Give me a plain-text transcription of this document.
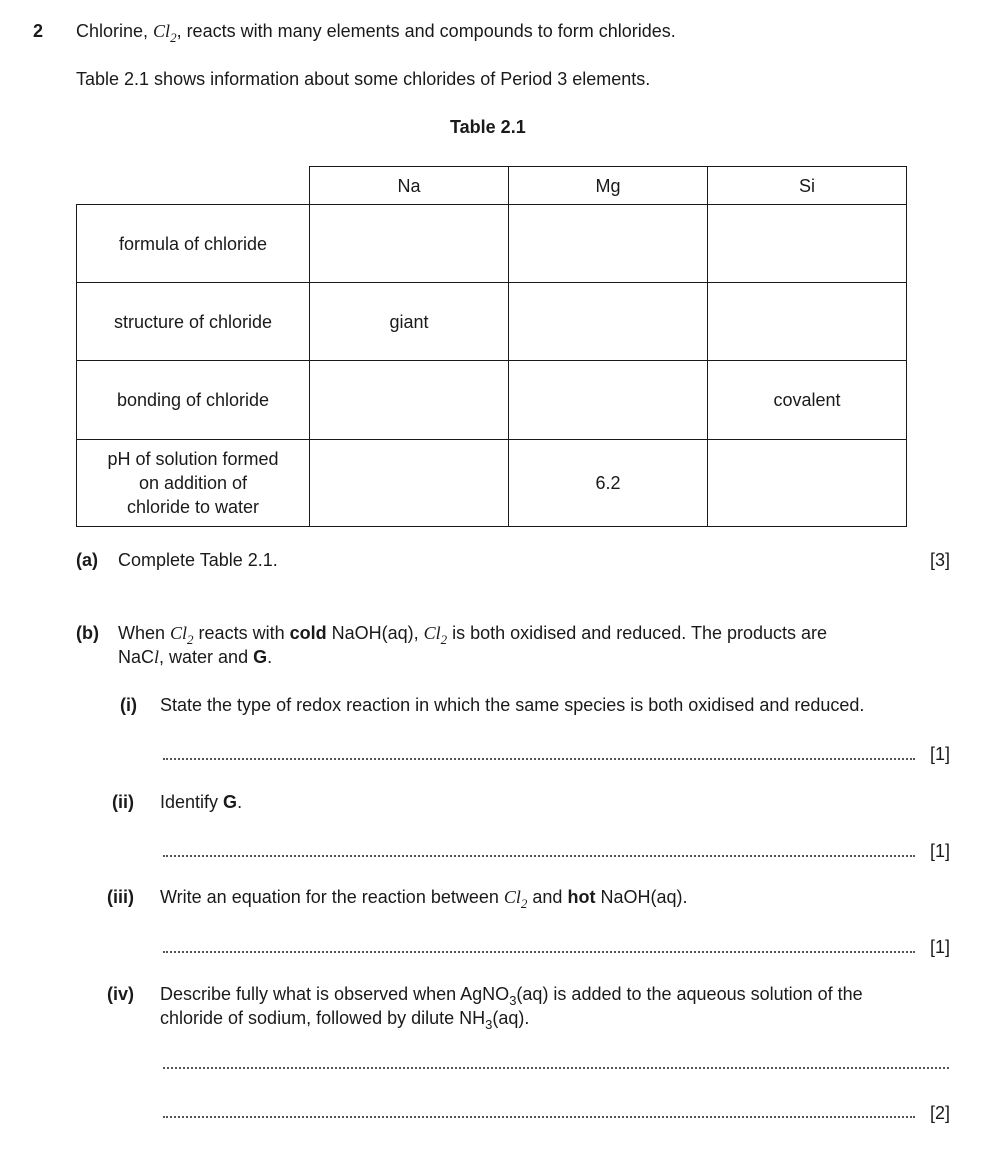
2 Chlorine, $Cl_2$, reacts with many elements and compounds to form chlorides.
Table 2.1 shows information about some chlorides of Period 3 elements.
Table 2.1
	Na	Mg	Si
formula of chloride			
structure of chloride	giant		
bonding of chloride			covalent

pH of solution formed
on addition of
chloride to water		6.2	
(a) Complete Table 2.1.	[3]
(b) When $Cl_2$ reacts with cold NaOH(aq), $Cl_2$ is both oxidised and reduced. The products are
NaCl, water and G.
(i) State the type of redox reaction in which the same species is both oxidised and reduced.
[1]
(ii) Identify G.
[1]
(iii) Write an equation for the reaction between $Cl_2$ and hot NaOH(aq).
[1]
(iv) Describe fully what is observed when AgNO$_3$(aq) is added to the aqueous solution of the
chloride of sodium, followed by dilute $NH_3(aq)$.
[2]
